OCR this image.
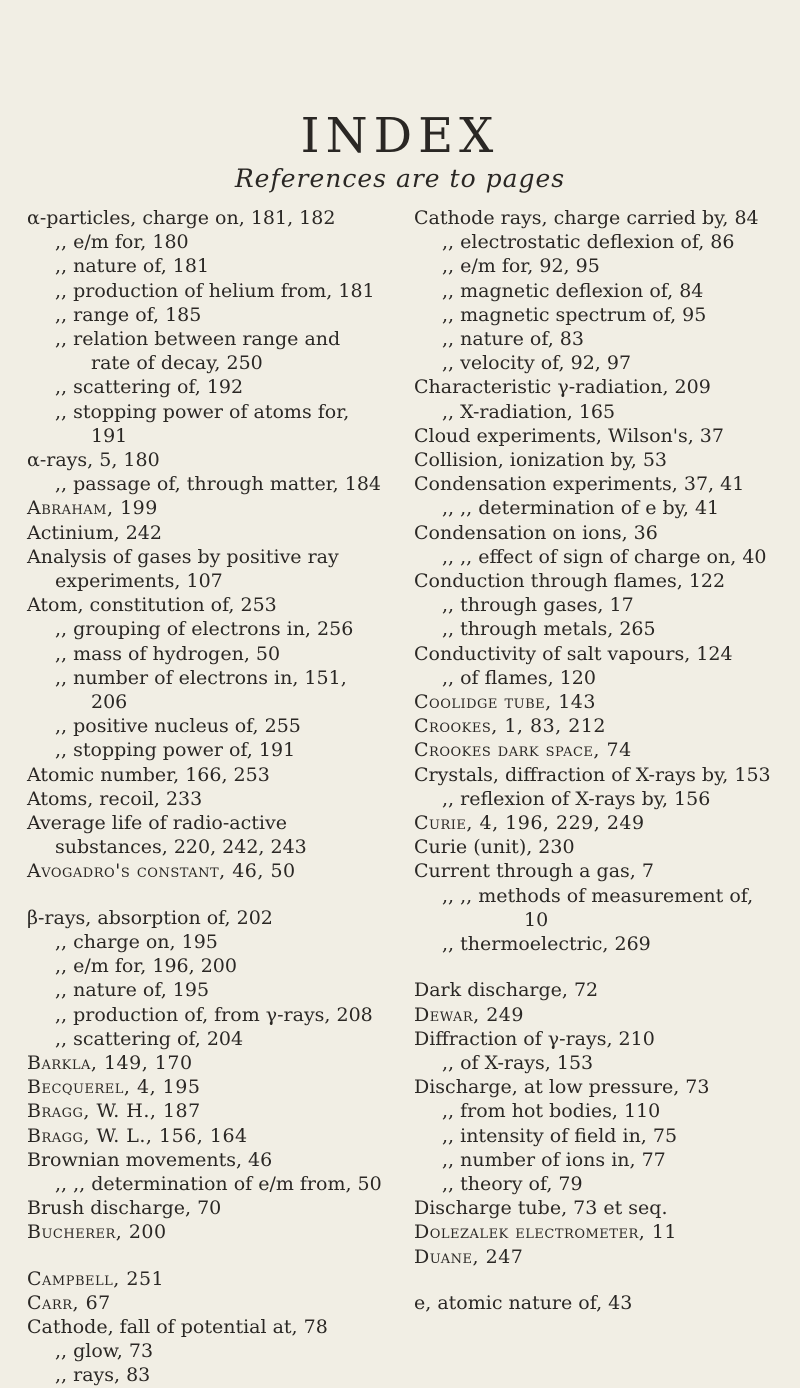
INDEX
References are to pages

α-particles, charge on, 181, 182

,, e/m for, 180

,, nature of, 181

,, production of helium from, 181

,, range of, 185

,, relation between range and rate of decay, 250

,, scattering of, 192

,, stopping power of atoms for, 191

α-rays, 5, 180

,, passage of, through matter, 184

Abraham, 199

Actinium, 242

Analysis of gases by positive ray experiments, 107

Atom, constitution of, 253

,, grouping of electrons in, 256

,, mass of hydrogen, 50

,, number of electrons in, 151, 206

,, positive nucleus of, 255

,, stopping power of, 191

Atomic number, 166, 253

Atoms, recoil, 233

Average life of radio-active substances, 220, 242, 243

Avogadro's constant, 46, 50

β-rays, absorption of, 202

,, charge on, 195

,, e/m for, 196, 200

,, nature of, 195

,, production of, from γ-rays, 208

,, scattering of, 204

Barkla, 149, 170

Becquerel, 4, 195

Bragg, W. H., 187

Bragg, W. L., 156, 164

Brownian movements, 46

,, ,, determination of e/m from, 50

Brush discharge, 70

Bucherer, 200

Campbell, 251

Carr, 67

Cathode, fall of potential at, 78

,, glow, 73

,, rays, 83

Cathode rays, charge carried by, 84

,, electrostatic deflexion of, 86

,, e/m for, 92, 95

,, magnetic deflexion of, 84

,, magnetic spectrum of, 95

,, nature of, 83

,, velocity of, 92, 97

Characteristic γ-radiation, 209

,, X-radiation, 165

Cloud experiments, Wilson's, 37

Collision, ionization by, 53

Condensation experiments, 37, 41

,, ,, determination of e by, 41

Condensation on ions, 36

,, ,, effect of sign of charge on, 40

Conduction through flames, 122

,, through gases, 17

,, through metals, 265

Conductivity of salt vapours, 124

,, of flames, 120

Coolidge tube, 143

Crookes, 1, 83, 212

Crookes dark space, 74

Crystals, diffraction of X-rays by, 153

,, reflexion of X-rays by, 156

Curie, 4, 196, 229, 249

Curie (unit), 230

Current through a gas, 7

,, ,, methods of measurement of, 10

,, thermoelectric, 269

Dark discharge, 72

Dewar, 249

Diffraction of γ-rays, 210

,, of X-rays, 153

Discharge, at low pressure, 73

,, from hot bodies, 110

,, intensity of field in, 75

,, number of ions in, 77

,, theory of, 79

Discharge tube, 73 et seq.

Dolezalek electrometer, 11

Duane, 247

e, atomic nature of, 43
